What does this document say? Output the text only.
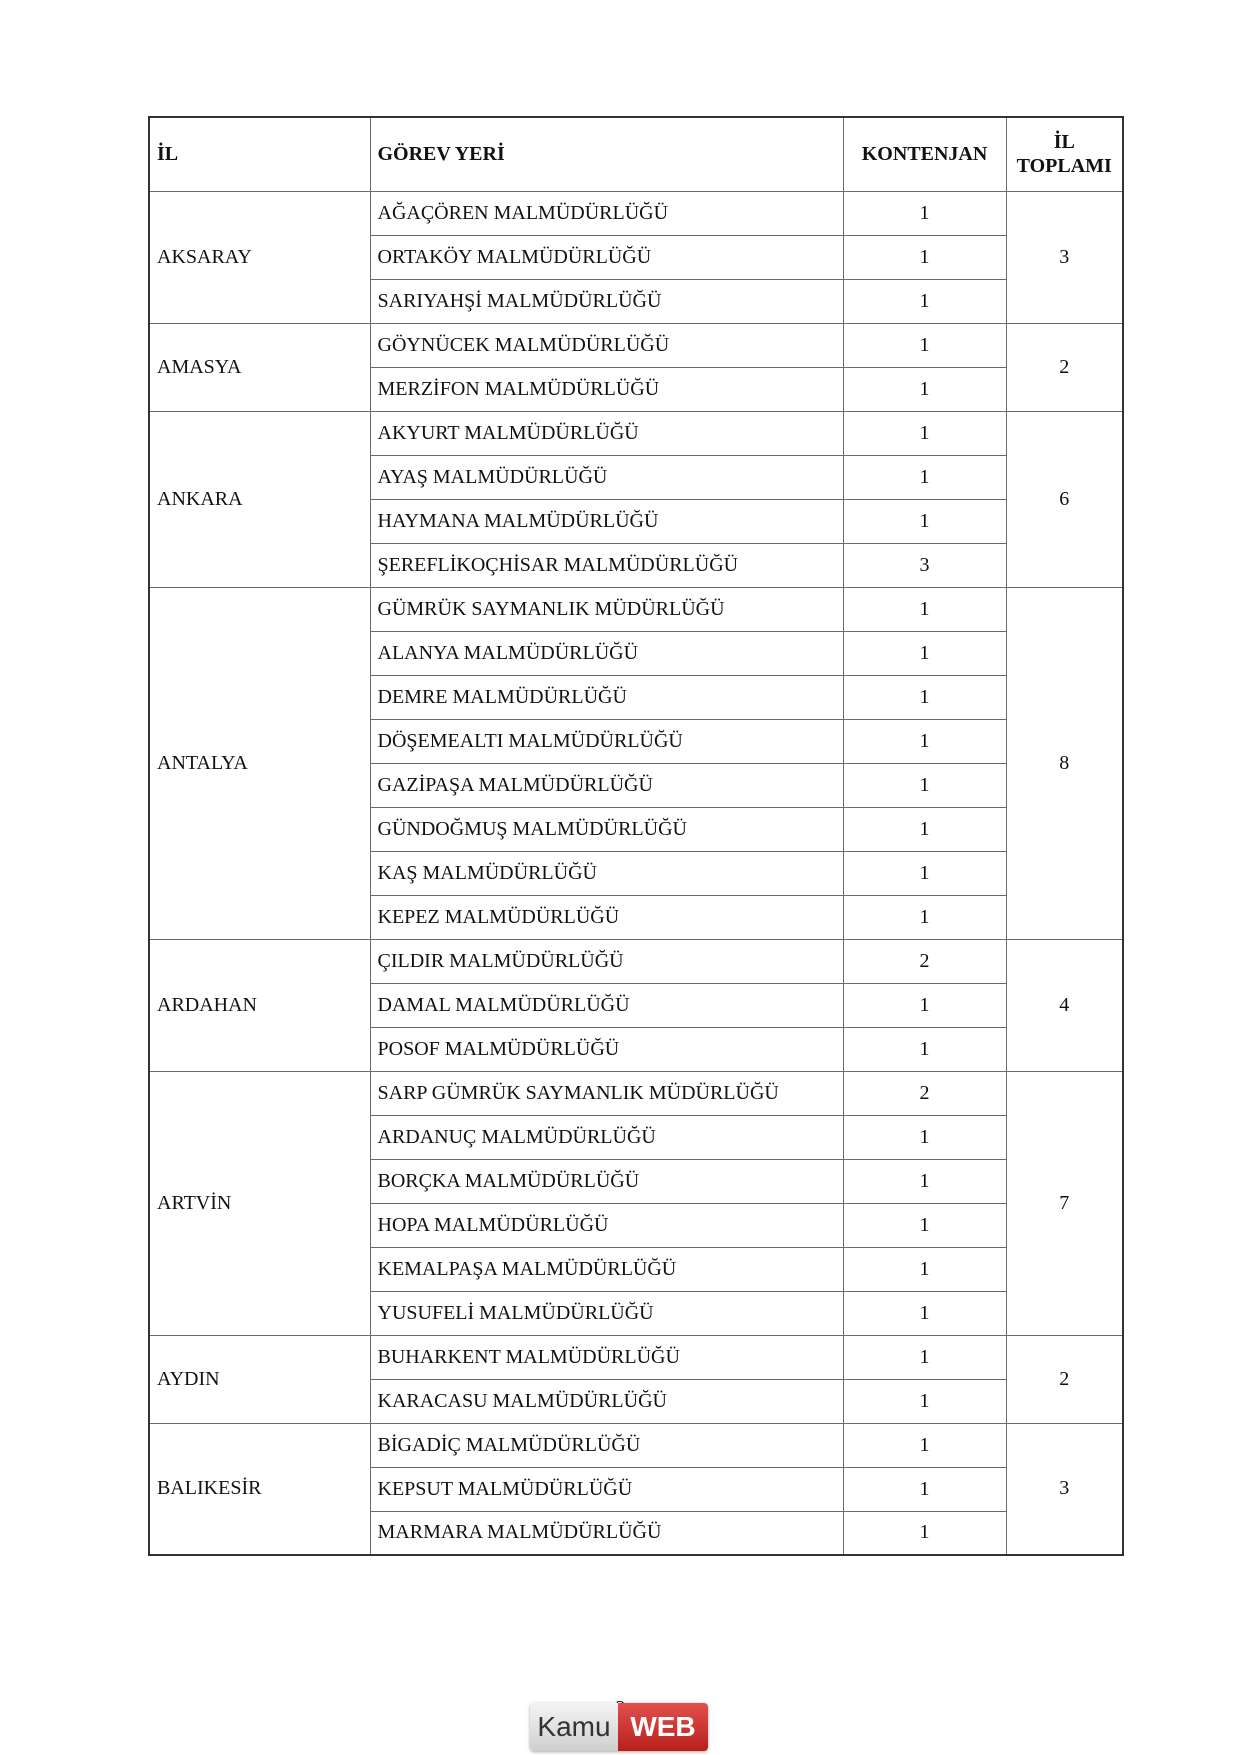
İL	GÖREV YERİ	KONTENJAN	İL
TOPLAMI
AKSARAY	AĞAÇÖREN MALMÜDÜRLÜĞÜ	1	3
	ORTAKÖY MALMÜDÜRLÜĞÜ	1	
	SARIYAHŞİ MALMÜDÜRLÜĞÜ	1	
AMASYA	GÖYNÜCEK MALMÜDÜRLÜĞÜ	1	2
	MERZİFON MALMÜDÜRLÜĞÜ	1	
ANKARA	AKYURT MALMÜDÜRLÜĞÜ	1	6
	AYAŞ MALMÜDÜRLÜĞÜ	1	
	HAYMANA MALMÜDÜRLÜĞÜ	1	
	ŞEREFLİKOÇHİSAR MALMÜDÜRLÜĞÜ	3	
ANTALYA	GÜMRÜK SAYMANLIK MÜDÜRLÜĞÜ	1	8
	ALANYA MALMÜDÜRLÜĞÜ	1	
	DEMRE MALMÜDÜRLÜĞÜ	1	
	DÖŞEMEALTI MALMÜDÜRLÜĞÜ	1	
	GAZİPAŞA MALMÜDÜRLÜĞÜ	1	
	GÜNDOĞMUŞ MALMÜDÜRLÜĞÜ	1	
	KAŞ MALMÜDÜRLÜĞÜ	1	
	KEPEZ MALMÜDÜRLÜĞÜ	1	
ARDAHAN	ÇILDIR MALMÜDÜRLÜĞÜ	2	4
	DAMAL MALMÜDÜRLÜĞÜ	1	
	POSOF MALMÜDÜRLÜĞÜ	1	
ARTVİN	SARP GÜMRÜK SAYMANLIK MÜDÜRLÜĞÜ	2	7
	ARDANUÇ MALMÜDÜRLÜĞÜ	1	
	BORÇKA MALMÜDÜRLÜĞÜ	1	
	HOPA MALMÜDÜRLÜĞÜ	1	
	KEMALPAŞA MALMÜDÜRLÜĞÜ	1	
	YUSUFELİ MALMÜDÜRLÜĞÜ	1	
AYDIN	BUHARKENT MALMÜDÜRLÜĞÜ	1	2
	KARACASU MALMÜDÜRLÜĞÜ	1	
BALIKESİR	BİGADİÇ MALMÜDÜRLÜĞÜ	1	3
	KEPSUT MALMÜDÜRLÜĞÜ	1	
	MARMARA MALMÜDÜRLÜĞÜ	1	
Kamu WEB
